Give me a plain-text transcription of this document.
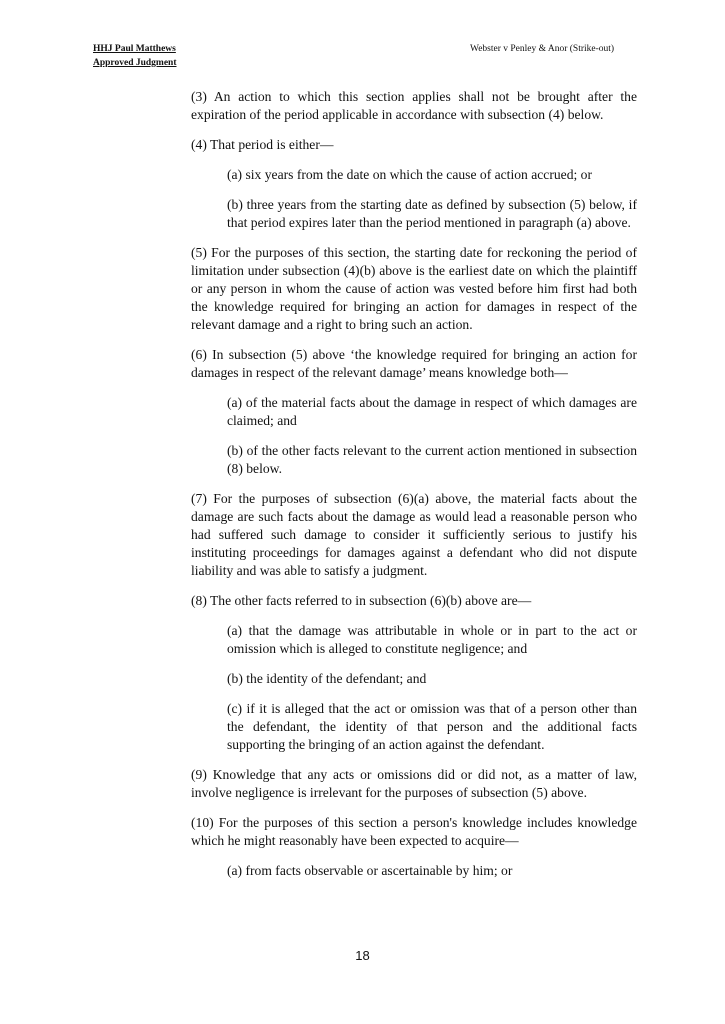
HHJ Paul Matthews
Approved Judgment
Webster v Penley & Anor (Strike-out)

(3) An action to which this section applies shall not be brought after the expiration of the period applicable in accordance with subsection (4) below.

(4) That period is either—

(a) six years from the date on which the cause of action accrued; or

(b) three years from the starting date as defined by subsection (5) below, if that period expires later than the period mentioned in paragraph (a) above.

(5) For the purposes of this section, the starting date for reckoning the period of limitation under subsection (4)(b) above is the earliest date on which the plaintiff or any person in whom the cause of action was vested before him first had both the knowledge required for bringing an action for damages in respect of the relevant damage and a right to bring such an action.

(6) In subsection (5) above ‘the knowledge required for bringing an action for damages in respect of the relevant damage’ means knowledge both—

(a) of the material facts about the damage in respect of which damages are claimed; and

(b) of the other facts relevant to the current action mentioned in subsection (8) below.

(7) For the purposes of subsection (6)(a) above, the material facts about the damage are such facts about the damage as would lead a reasonable person who had suffered such damage to consider it sufficiently serious to justify his instituting proceedings for damages against a defendant who did not dispute liability and was able to satisfy a judgment.

(8) The other facts referred to in subsection (6)(b) above are—

(a) that the damage was attributable in whole or in part to the act or omission which is alleged to constitute negligence; and

(b) the identity of the defendant; and

(c) if it is alleged that the act or omission was that of a person other than the defendant, the identity of that person and the additional facts supporting the bringing of an action against the defendant.

(9) Knowledge that any acts or omissions did or did not, as a matter of law, involve negligence is irrelevant for the purposes of subsection (5) above.

(10) For the purposes of this section a person's knowledge includes knowledge which he might reasonably have been expected to acquire—

(a) from facts observable or ascertainable by him; or

18
